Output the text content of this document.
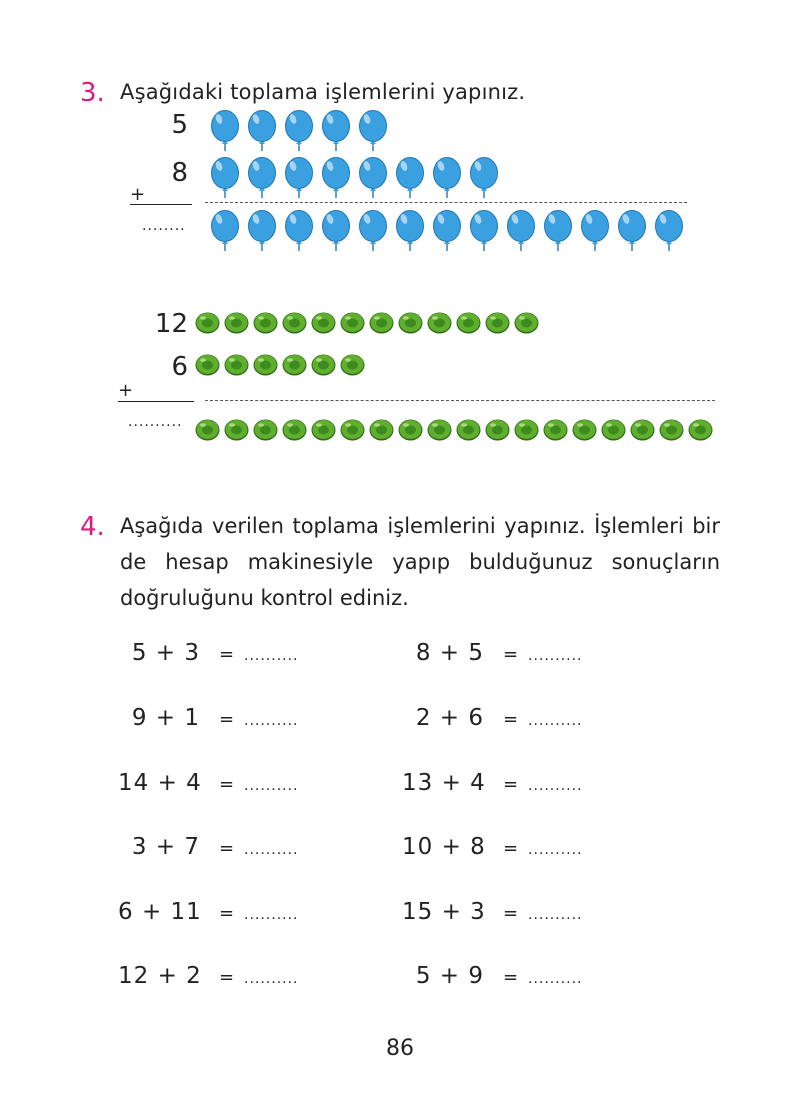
3. Aşağıdaki toplama işlemlerini yapınız.
5
8
+
........
12
6
+
..........
4. Aşağıda verilen toplama işlemlerini yapınız. İşlemleri bir de hesap makinesiyle yapıp bulduğunuz sonuçların doğruluğunu kontrol ediniz.
5 + 3 = ..........	8 + 5 = ..........
9 + 1 = ..........	2 + 6 = ..........
14 + 4 = ..........	13 + 4 = ..........
3 + 7 = ..........	10 + 8 = ..........
6 + 11 = ..........	15 + 3 = ..........
12 + 2 = ..........	5 + 9 = ..........
86
